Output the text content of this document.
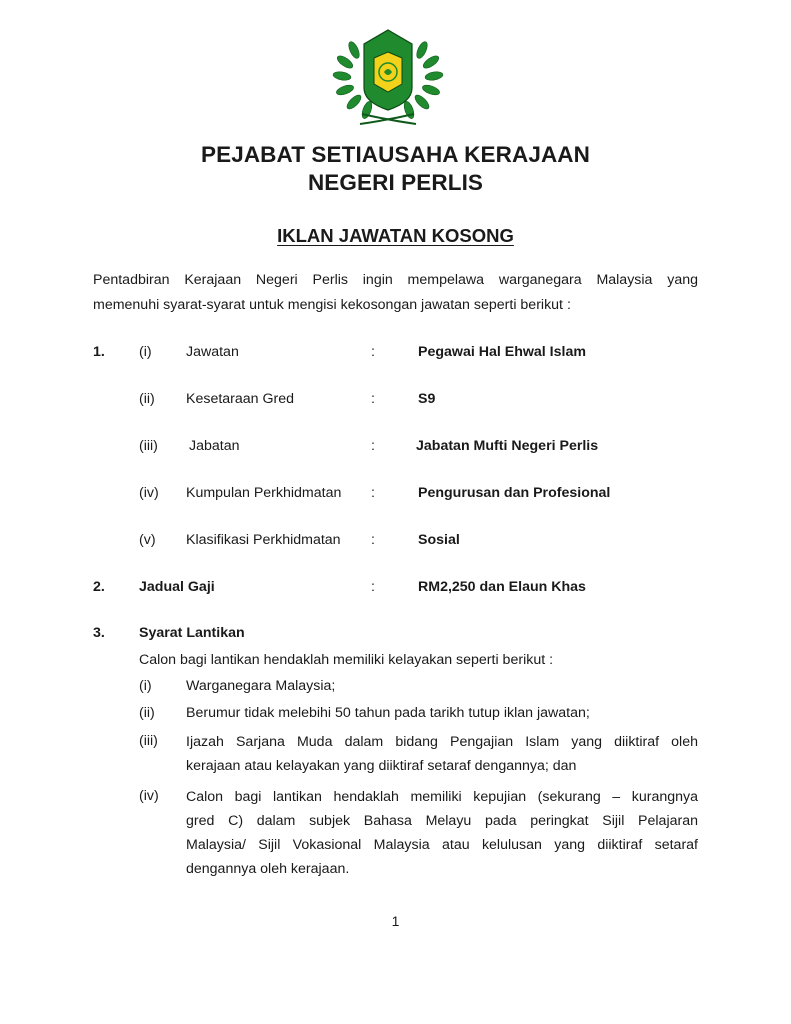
PEJABAT SETIAUSAHA KERAJAAN
NEGERI PERLIS
IKLAN JAWATAN KOSONG
Pentadbiran Kerajaan Negeri Perlis ingin mempelawa warganegara Malaysia yang
memenuhi syarat-syarat untuk mengisi kekosongan jawatan seperti berikut :
1. (i) Jawatan	:	Pegawai Hal Ehwal Islam
(ii) Kesetaraan Gred	:	S9
(iii) Jabatan	:	Jabatan Mufti Negeri Perlis
(iv) Kumpulan Perkhidmatan :	Pengurusan dan Profesional
(v) Klasifikasi Perkhidmatan :	Sosial
2. Jadual Gaji	:	RM2,250 dan Elaun Khas
3. Syarat Lantikan
Calon bagi lantikan hendaklah memiliki kelayakan seperti berikut :
(i) Warganegara Malaysia;
(ii) Berumur tidak melebihi 50 tahun pada tarikh tutup iklan jawatan;
(iii) Ijazah Sarjana Muda dalam bidang Pengajian Islam yang diiktiraf oleh
kerajaan atau kelayakan yang diiktiraf setaraf dengannya; dan
(iv) Calon bagi lantikan hendaklah memiliki kepujian (sekurang – kurangnya
gred C) dalam subjek Bahasa Melayu pada peringkat Sijil Pelajaran
Malaysia/ Sijil Vokasional Malaysia atau kelulusan yang diiktiraf setaraf
dengannya oleh kerajaan.
1
